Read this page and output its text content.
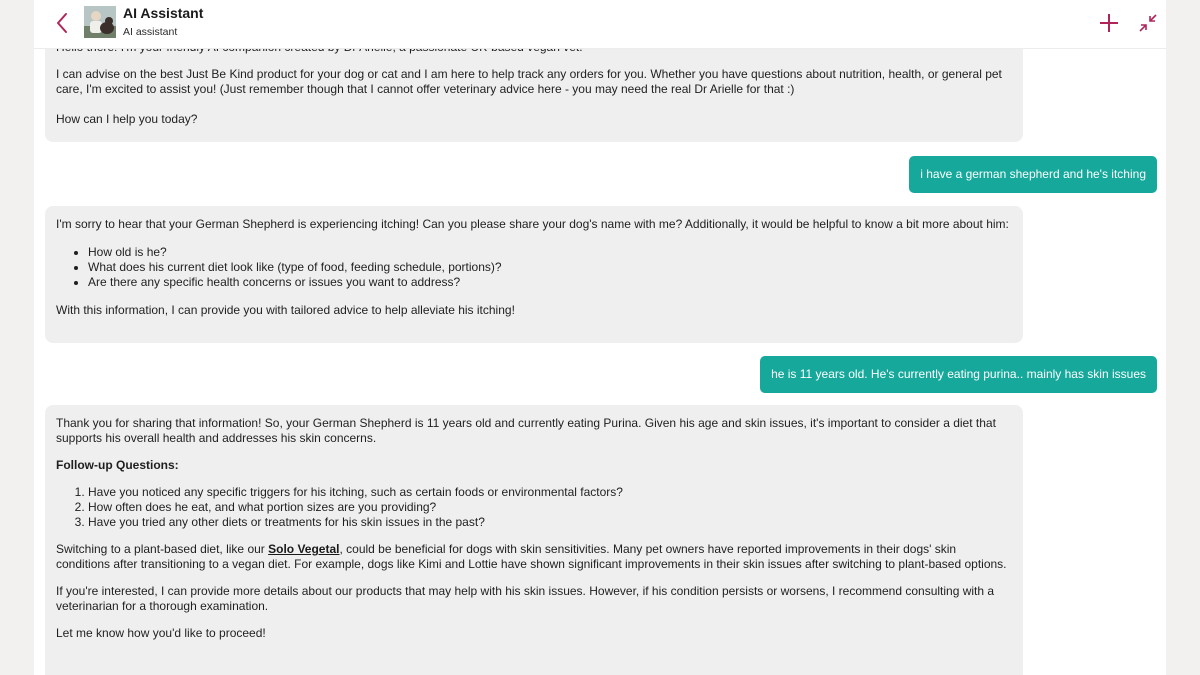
I can advise on the best Just Be Kind product for your dog or cat and I am here to help track any orders for you. Whether you have questions about nutrition, health, or general pet care, I'm excited to assist you! (Just remember though that I cannot offer veterinary advice here - you may need the real Dr Arielle for that :)

How can I help you today?

i have a german shepherd and he's itching

I'm sorry to hear that your German Shepherd is experiencing itching! Can you please share your dog's name with me? Additionally, it would be helpful to know a bit more about him:

• How old is he?
• What does his current diet look like (type of food, feeding schedule, portions)?
• Are there any specific health concerns or issues you want to address?

With this information, I can provide you with tailored advice to help alleviate his itching!

he is 11 years old. He's currently eating purina.. mainly has skin issues

Thank you for sharing that information! So, your German Shepherd is 11 years old and currently eating Purina. Given his age and skin issues, it's important to consider a diet that supports his overall health and addresses his skin concerns.

Follow-up Questions:

1. Have you noticed any specific triggers for his itching, such as certain foods or environmental factors?
2. How often does he eat, and what portion sizes are you providing?
3. Have you tried any other diets or treatments for his skin issues in the past?

Switching to a plant-based diet, like our Solo Vegetal, could be beneficial for dogs with skin sensitivities. Many pet owners have reported improvements in their dogs' skin conditions after transitioning to a vegan diet. For example, dogs like Kimi and Lottie have shown significant improvements in their skin issues after switching to plant-based options.

If you're interested, I can provide more details about our products that may help with his skin issues. However, if his condition persists or worsens, I recommend consulting with a veterinarian for a thorough examination.

Let me know how you'd like to proceed!

AI Assistant
AI assistant
